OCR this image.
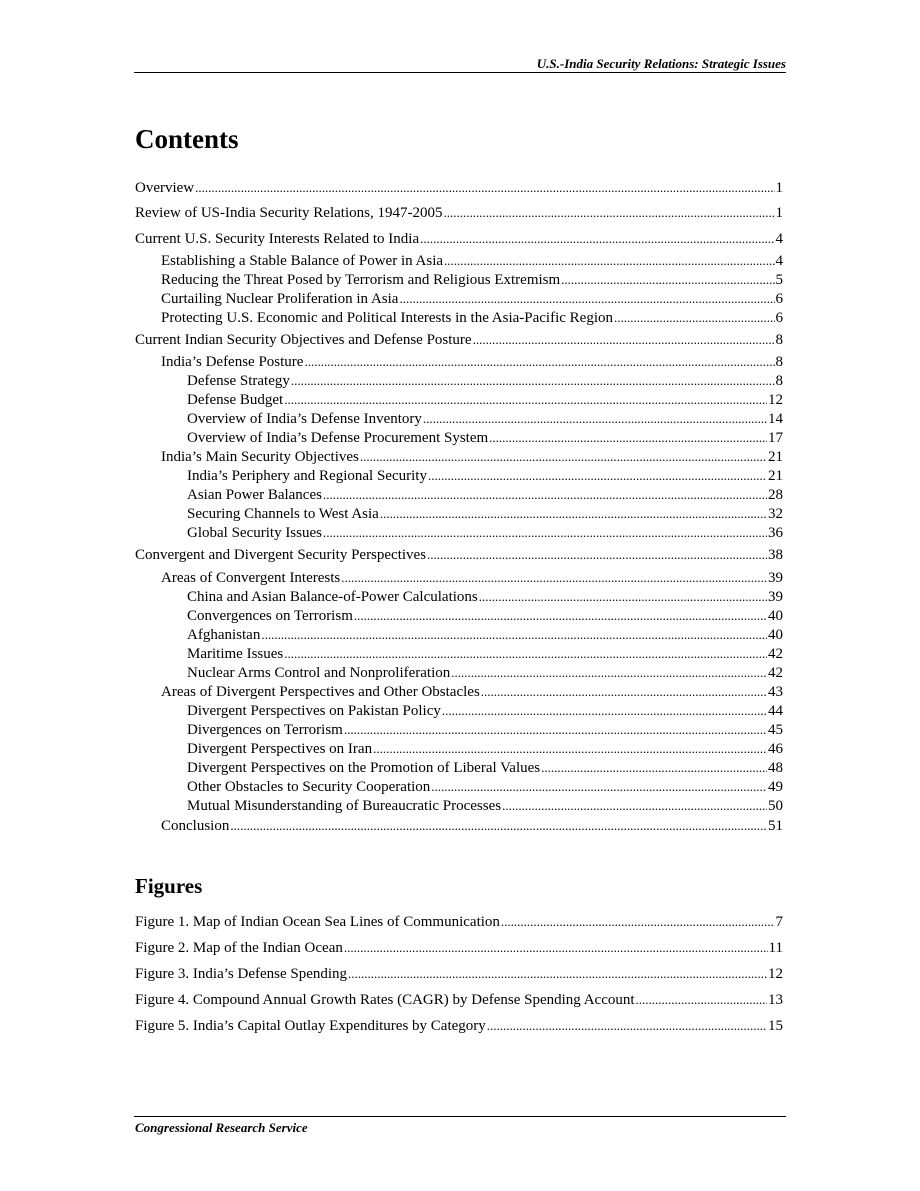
U.S.-India Security Relations: Strategic Issues
Contents
Overview .....	1
Review of US-India Security Relations, 1947-2005 .....	1
Current U.S. Security Interests Related to India .....	4
Establishing a Stable Balance of Power in Asia .....	4
Reducing the Threat Posed by Terrorism and Religious Extremism .....	5
Curtailing Nuclear Proliferation in Asia .....	6
Protecting U.S. Economic and Political Interests in the Asia-Pacific Region .....	6
Current Indian Security Objectives and Defense Posture .....	8
India’s Defense Posture .....	8
Defense Strategy .....	8
Defense Budget .....	12
Overview of India’s Defense Inventory .....	14
Overview of India’s Defense Procurement System .....	17
India’s Main Security Objectives .....	21
India’s Periphery and Regional Security .....	21
Asian Power Balances .....	28
Securing Channels to West Asia .....	32
Global Security Issues .....	36
Convergent and Divergent Security Perspectives .....	38
Areas of Convergent Interests .....	39
China and Asian Balance-of-Power Calculations .....	39
Convergences on Terrorism .....	40
Afghanistan .....	40
Maritime Issues .....	42
Nuclear Arms Control and Nonproliferation .....	42
Areas of Divergent Perspectives and Other Obstacles .....	43
Divergent Perspectives on Pakistan Policy .....	44
Divergences on Terrorism .....	45
Divergent Perspectives on Iran .....	46
Divergent Perspectives on the Promotion of Liberal Values .....	48
Other Obstacles to Security Cooperation .....	49
Mutual Misunderstanding of Bureaucratic Processes .....	50
Conclusion .....	51
Figures
Figure 1. Map of Indian Ocean Sea Lines of Communication .....	7
Figure 2. Map of the Indian Ocean .....	11
Figure 3. India’s Defense Spending .....	12
Figure 4. Compound Annual Growth Rates (CAGR) by Defense Spending Account .....	13
Figure 5. India’s Capital Outlay Expenditures by Category .....	15
Congressional Research Service
